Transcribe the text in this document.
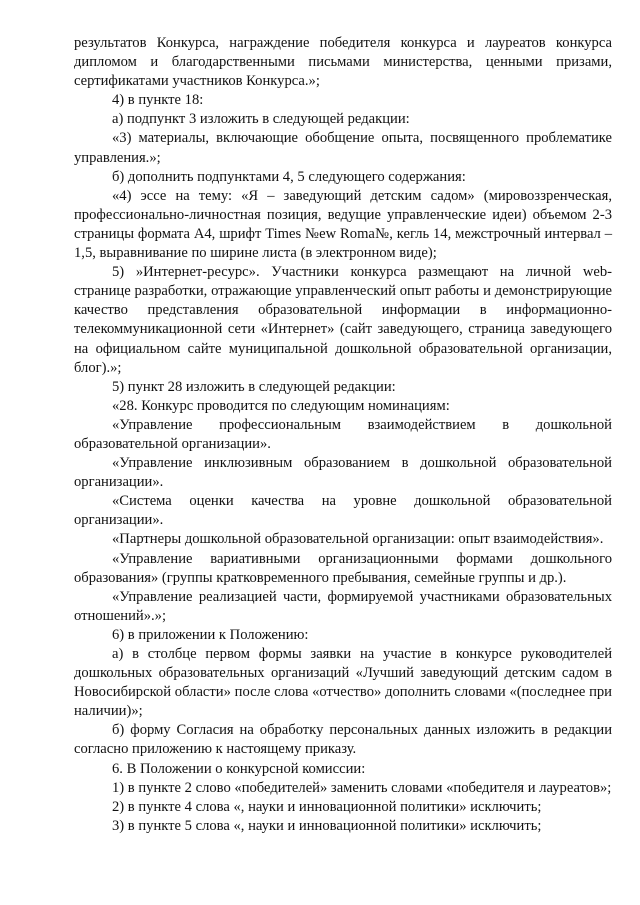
результатов Конкурса, награждение победителя конкурса и лауреатов конкурса дипломом и благодарственными письмами министерства, ценными призами, сертификатами участников Конкурса.»;

4) в пункте 18:

а) подпункт 3 изложить в следующей редакции:

«3) материалы, включающие обобщение опыта, посвященного проблематике управления.»;

б) дополнить подпунктами 4, 5 следующего содержания:

«4) эссе на тему: «Я – заведующий детским садом» (мировоззренческая, профессионально-личностная позиция, ведущие управленческие идеи) объемом 2-3 страницы формата А4, шрифт Times №ew Roma№, кегль 14, межстрочный интервал – 1,5, выравнивание по ширине листа (в электронном виде);

5) »Интернет-ресурс». Участники конкурса размещают на личной web-странице разработки, отражающие управленческий опыт работы и демонстрирующие качество представления образовательной информации в информационно-телекоммуникационной сети «Интернет» (сайт заведующего, страница заведующего на официальном сайте муниципальной дошкольной образовательной организации, блог).»;

5) пункт 28 изложить в следующей редакции:

«28. Конкурс проводится по следующим номинациям:

«Управление профессиональным взаимодействием в дошкольной образовательной организации».

«Управление инклюзивным образованием в дошкольной образовательной организации».

«Система оценки качества на уровне дошкольной образовательной организации».

«Партнеры дошкольной образовательной организации: опыт взаимодействия».

«Управление вариативными организационными формами дошкольного образования» (группы кратковременного пребывания, семейные группы и др.).

«Управление реализацией части, формируемой участниками образовательных отношений».»;

6) в приложении к Положению:

а) в столбце первом формы заявки на участие в конкурсе руководителей дошкольных образовательных организаций «Лучший заведующий детским садом в Новосибирской области» после слова «отчество» дополнить словами «(последнее при наличии)»;

б) форму Согласия на обработку персональных данных изложить в редакции согласно приложению к настоящему приказу.

6. В Положении о конкурсной комиссии:

1) в пункте 2 слово «победителей» заменить словами «победителя и лауреатов»;

2) в пункте 4 слова «, науки и инновационной политики» исключить;

3) в пункте 5 слова «, науки и инновационной политики» исключить;
